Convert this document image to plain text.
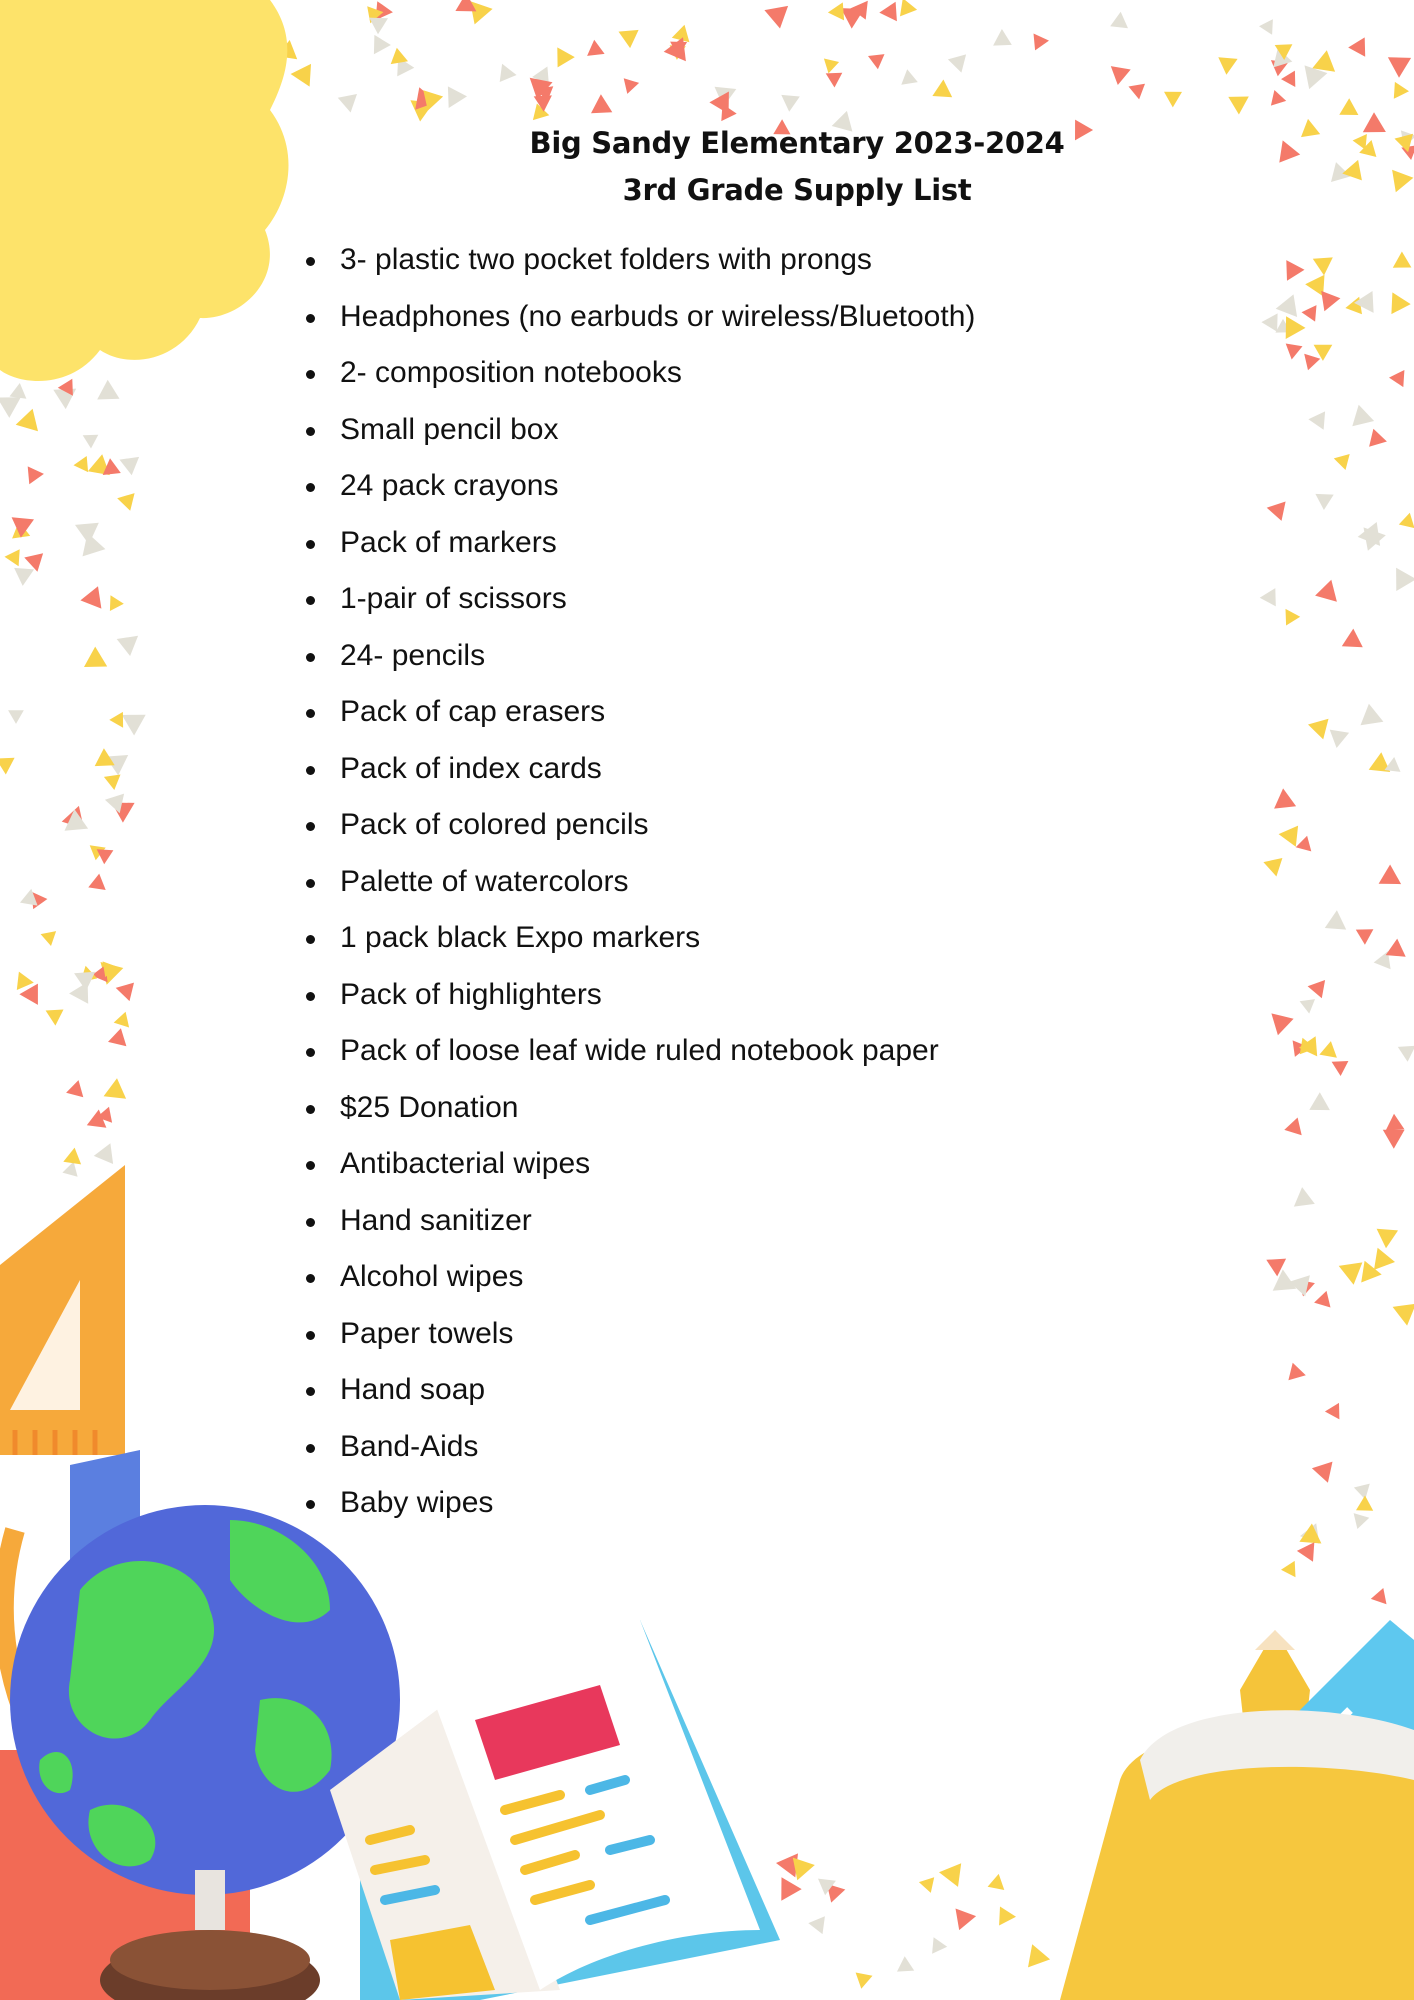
Big Sandy Elementary 2023-2024
3rd Grade Supply List
3- plastic two pocket folders with prongs
Headphones (no earbuds or wireless/Bluetooth)
2- composition notebooks
Small pencil box
24 pack crayons
Pack of markers
1-pair of scissors
24- pencils
Pack of cap erasers
Pack of index cards
Pack of colored pencils
Palette of watercolors
1 pack black Expo markers
Pack of highlighters
Pack of loose leaf wide ruled notebook paper
$25 Donation
Antibacterial wipes
Hand sanitizer
Alcohol wipes
Paper towels
Hand soap
Band-Aids
Baby wipes
